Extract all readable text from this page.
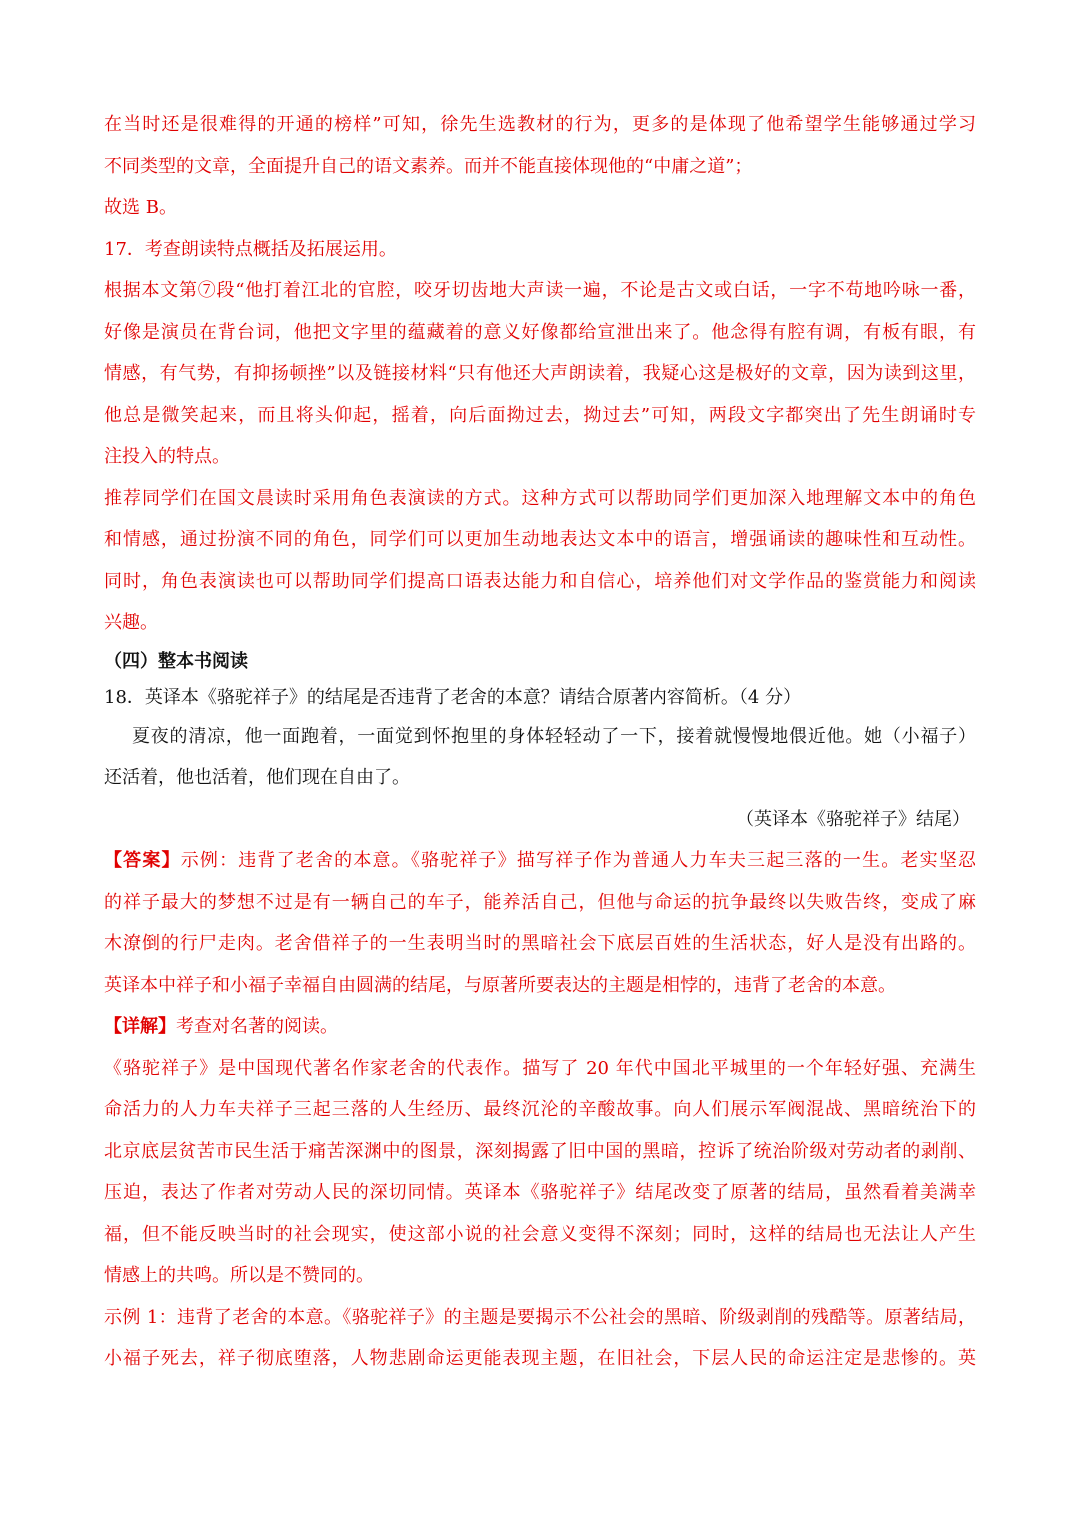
在当时还是很难得的开通的榜样”可知，徐先生选教材的行为，更多的是体现了他希望学生能够通过学习
不同类型的文章，全面提升自己的语文素养。而并不能直接体现他的“中庸之道”；
故选 B。
17．考查朗读特点概括及拓展运用。
根据本文第⑦段“他打着江北的官腔，咬牙切齿地大声读一遍，不论是古文或白话，一字不苟地吟咏一番，
好像是演员在背台词，他把文字里的蕴藏着的意义好像都给宣泄出来了。他念得有腔有调，有板有眼，有
情感，有气势，有抑扬顿挫”以及链接材料“只有他还大声朗读着，我疑心这是极好的文章，因为读到这里，
他总是微笑起来，而且将头仰起，摇着，向后面拗过去，拗过去”可知，两段文字都突出了先生朗诵时专
注投入的特点。
推荐同学们在国文晨读时采用角色表演读的方式。这种方式可以帮助同学们更加深入地理解文本中的角色
和情感，通过扮演不同的角色，同学们可以更加生动地表达文本中的语言，增强诵读的趣味性和互动性。
同时，角色表演读也可以帮助同学们提高口语表达能力和自信心，培养他们对文学作品的鉴赏能力和阅读
兴趣。
（四）整本书阅读
18．英译本《骆驼祥子》的结尾是否违背了老舍的本意？请结合原著内容简析。（4 分）
夏夜的清凉，他一面跑着，一面觉到怀抱里的身体轻轻动了一下，接着就慢慢地偎近他。她（小福子）
还活着，他也活着，他们现在自由了。
（英译本《骆驼祥子》结尾）
【答案】示例：违背了老舍的本意。《骆驼祥子》描写祥子作为普通人力车夫三起三落的一生。老实坚忍
的祥子最大的梦想不过是有一辆自己的车子，能养活自己，但他与命运的抗争最终以失败告终，变成了麻
木潦倒的行尸走肉。老舍借祥子的一生表明当时的黑暗社会下底层百姓的生活状态，好人是没有出路的。
英译本中祥子和小福子幸福自由圆满的结尾，与原著所要表达的主题是相悖的，违背了老舍的本意。
【详解】考查对名著的阅读。
《骆驼祥子》是中国现代著名作家老舍的代表作。描写了 20 年代中国北平城里的一个年轻好强、充满生
命活力的人力车夫祥子三起三落的人生经历、最终沉沦的辛酸故事。向人们展示军阀混战、黑暗统治下的
北京底层贫苦市民生活于痛苦深渊中的图景，深刻揭露了旧中国的黑暗，控诉了统治阶级对劳动者的剥削、
压迫，表达了作者对劳动人民的深切同情。英译本《骆驼祥子》结尾改变了原著的结局，虽然看着美满幸
福，但不能反映当时的社会现实，使这部小说的社会意义变得不深刻；同时，这样的结局也无法让人产生
情感上的共鸣。所以是不赞同的。
示例 1：违背了老舍的本意。《骆驼祥子》的主题是要揭示不公社会的黑暗、阶级剥削的残酷等。原著结局，
小福子死去，祥子彻底堕落，人物悲剧命运更能表现主题，在旧社会，下层人民的命运注定是悲惨的。英
